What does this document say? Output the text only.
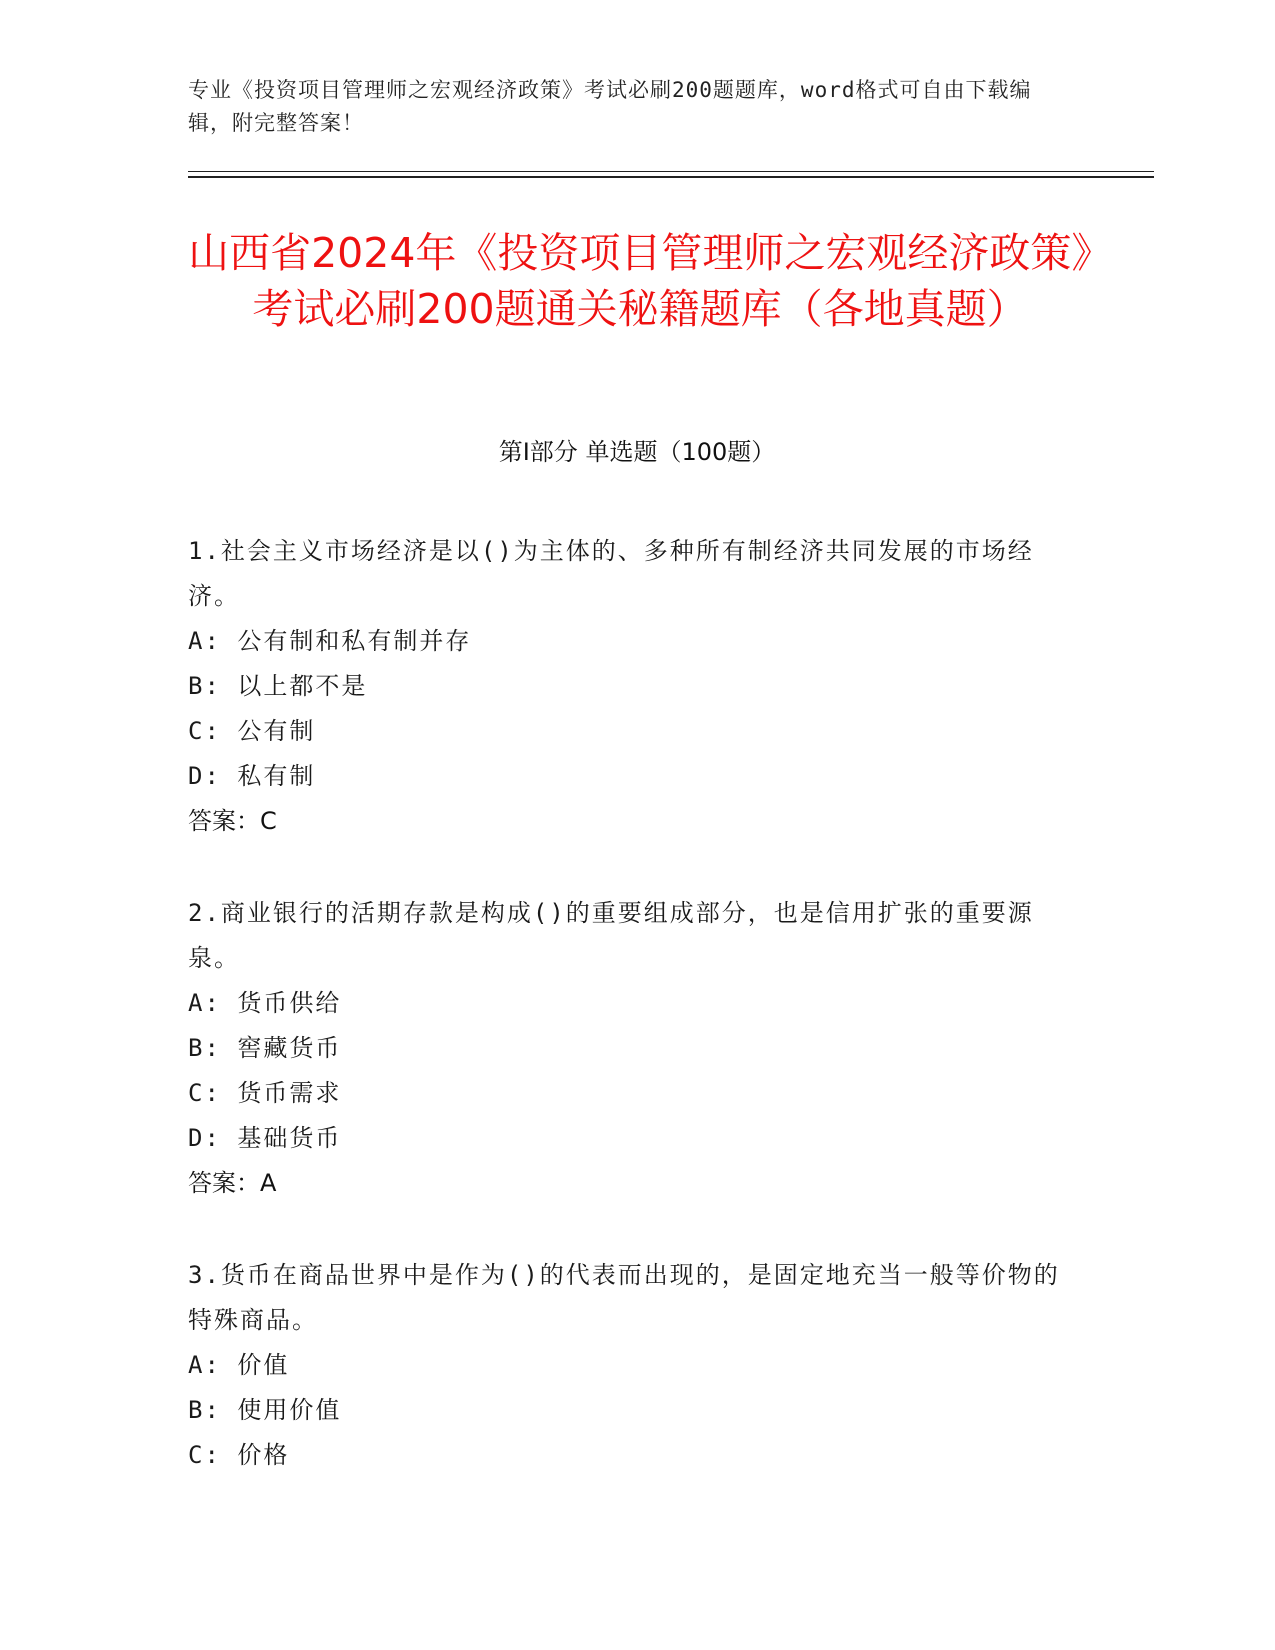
专业《投资项目管理师之宏观经济政策》考试必刷200题题库，word格式可自由下载编辑，附完整答案！
山西省2024年《投资项目管理师之宏观经济政策》考试必刷200题通关秘籍题库（各地真题）
第I部分 单选题（100题）

1.社会主义市场经济是以()为主体的、多种所有制经济共同发展的市场经济。

A: 公有制和私有制并存
B: 以上都不是
C: 公有制
D: 私有制
答案：C

2.商业银行的活期存款是构成()的重要组成部分，也是信用扩张的重要源泉。

A: 货币供给
B: 窖藏货币
C: 货币需求
D: 基础货币
答案：A

3.货币在商品世界中是作为()的代表而出现的，是固定地充当一般等价物的特殊商品。

A: 价值
B: 使用价值
C: 价格
